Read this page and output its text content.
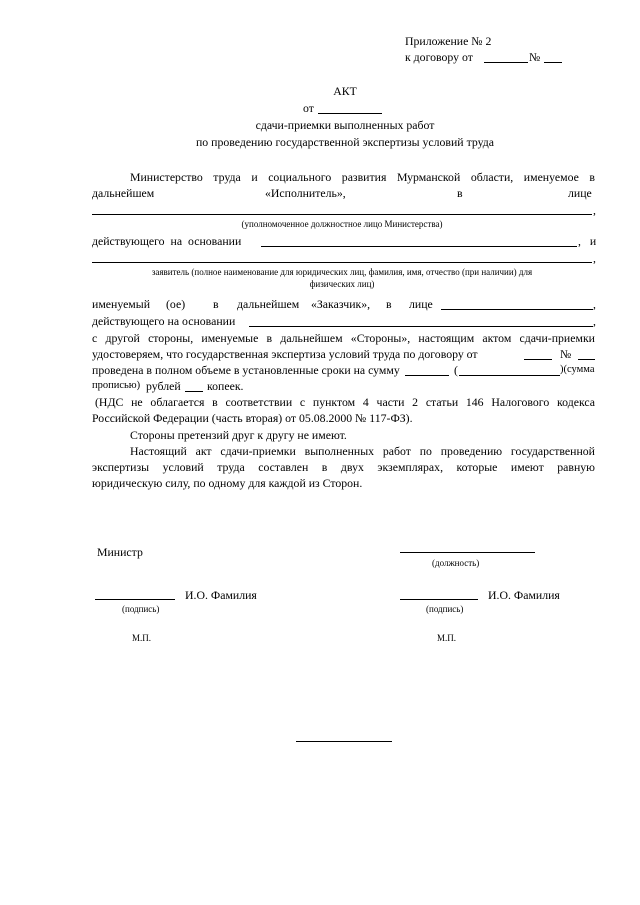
Приложение № 2
к договору от	№
АКТ
от
сдачи-приемки выполненных работ
по проведению государственной экспертизы условий труда
Министерство труда и социального развития Мурманской области, именуемое в
дальнейшем	«Исполнитель»,	в	лице
,
(уполномоченное должностное лицо Министерства)
действующего на основании	, и
,
заявитель (полное наименование для юридических лиц, фамилия, имя, отчество (при наличии) для
физических лиц)
именуемый (ое) в дальнейшем «Заказчик», в лице	,
действующего на основании	,
с другой стороны, именуемые в дальнейшем «Стороны», настоящим актом сдачи-приемки
удостоверяем, что государственная экспертиза условий труда по договору от	№
проведена в полном объеме в установленные сроки на сумму	(	)(сумма
прописью) рублей копеек.
(НДС не облагается в соответствии с пунктом 4 части 2 статьи 146 Налогового кодекса
Российской Федерации (часть вторая) от 05.08.2000 № 117-ФЗ).
Стороны претензий друг к другу не имеют.
Настоящий акт сдачи-приемки выполненных работ по проведению государственной
экспертизы условий труда составлен в двух экземплярах, которые имеют равную
юридическую силу, по одному для каждой из Сторон.
Министр
(должность)
И.О. Фамилия	И.О. Фамилия
(подпись)	(подпись)
М.П.	М.П.
